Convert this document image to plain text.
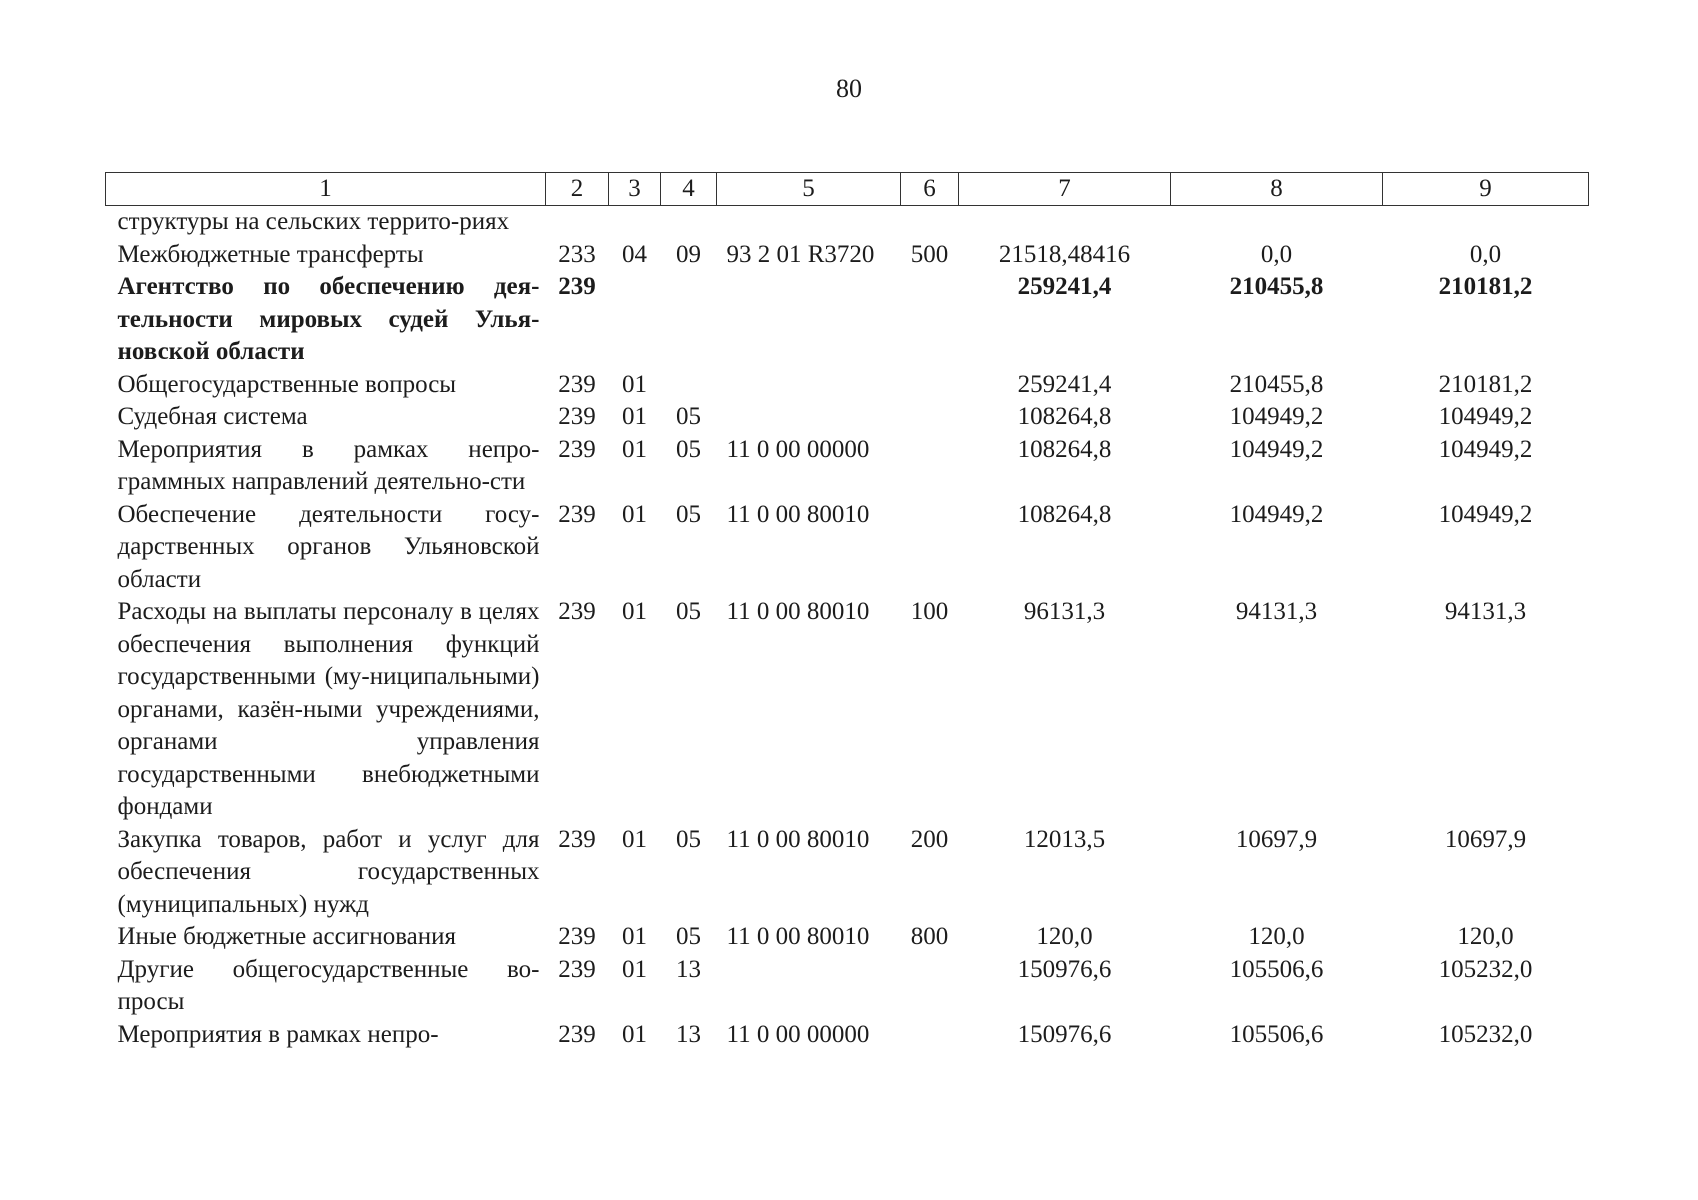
80
1	2	3	4	5	6	7	8	9
структуры на сельских террито-риях								
Межбюджетные трансферты	233	04	09	93 2 01 R3720	500	21518,48416	0,0	0,0
Агентство по обеспечению дея-тельности мировых судей Улья-новской области	239					259241,4	210455,8	210181,2
Общегосударственные вопросы	239	01				259241,4	210455,8	210181,2
Судебная система	239	01	05			108264,8	104949,2	104949,2
Мероприятия в рамках непро-граммных направлений деятельно-сти	239	01	05	11 0 00 00000		108264,8	104949,2	104949,2
Обеспечение деятельности госу-дарственных органов Ульяновской области	239	01	05	11 0 00 80010		108264,8	104949,2	104949,2
Расходы на выплаты персоналу в целях обеспечения выполнения функций государственными (му-ниципальными) органами, казён-ными учреждениями, органами управления государственными внебюджетными фондами	239	01	05	11 0 00 80010	100	96131,3	94131,3	94131,3
Закупка товаров, работ и услуг для обеспечения государственных (муниципальных) нужд	239	01	05	11 0 00 80010	200	12013,5	10697,9	10697,9
Иные бюджетные ассигнования	239	01	05	11 0 00 80010	800	120,0	120,0	120,0
Другие общегосударственные во-просы	239	01	13			150976,6	105506,6	105232,0
Мероприятия в рамках непро-	239	01	13	11 0 00 00000		150976,6	105506,6	105232,0
